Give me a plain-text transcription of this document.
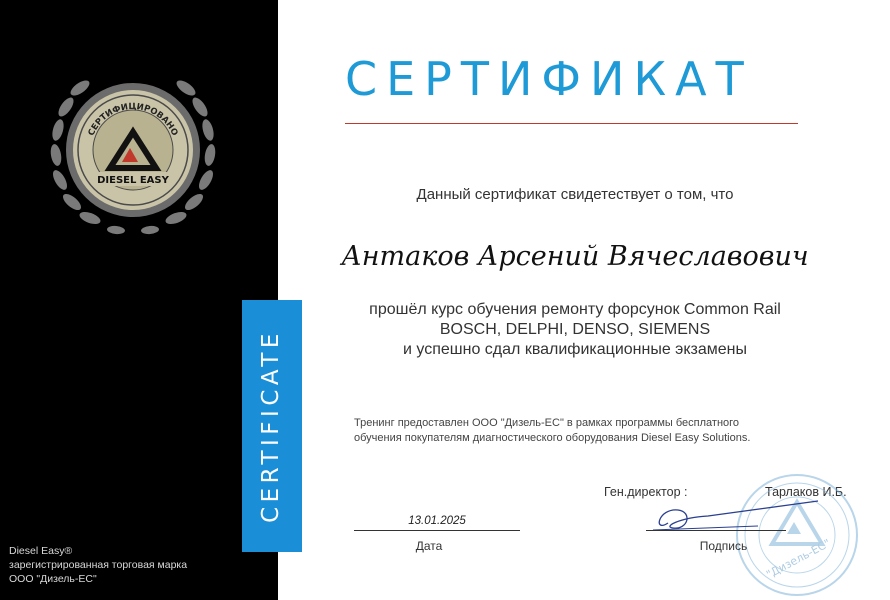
СЕРТИФИЦИРОВАНО
DIESEL EASY
Diesel Easy®
зарегистрированная торговая марка
ООО "Дизель-ЕС"
CERTIFICATE
СЕРТИФИКАТ
Данный сертификат свидетествует о том, что
Антаков Арсений Вячеславович
прошёл курс обучения ремонту форсунок Common Rail
BOSCH, DELPHI, DENSO, SIEMENS
и успешно сдал квалификационные экзамены
Тренинг предоставлен ООО "Дизель-ЕС" в рамках программы бесплатного
обучения покупателям диагностического оборудования Diesel Easy Solutions.
Ген.директор :	Тарлаков И.Б.
13.01.2025
Дата	"Дизель-ЕС"
Подпись
